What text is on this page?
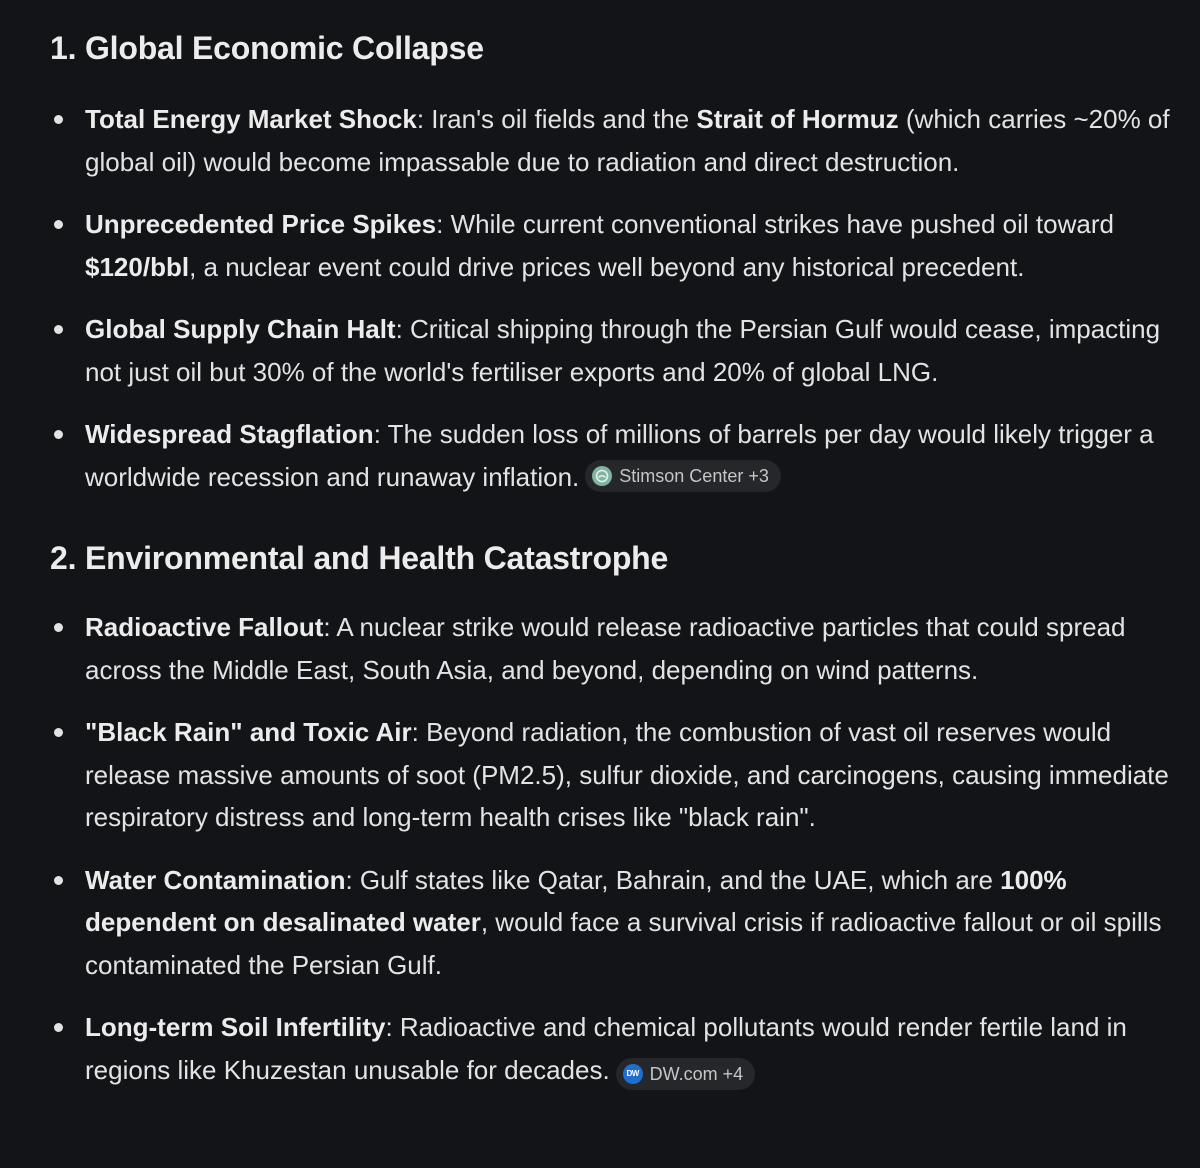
1. Global Economic Collapse
Total Energy Market Shock: Iran's oil fields and the Strait of Hormuz (which carries ~20% of global oil) would become impassable due to radiation and direct destruction.
Unprecedented Price Spikes: While current conventional strikes have pushed oil toward $120/bbl, a nuclear event could drive prices well beyond any historical precedent.
Global Supply Chain Halt: Critical shipping through the Persian Gulf would cease, impacting not just oil but 30% of the world's fertiliser exports and 20% of global LNG.
Widespread Stagflation: The sudden loss of millions of barrels per day would likely trigger a worldwide recession and runaway inflation. Stimson Center +3
2. Environmental and Health Catastrophe
Radioactive Fallout: A nuclear strike would release radioactive particles that could spread across the Middle East, South Asia, and beyond, depending on wind patterns.
"Black Rain" and Toxic Air: Beyond radiation, the combustion of vast oil reserves would release massive amounts of soot (PM2.5), sulfur dioxide, and carcinogens, causing immediate respiratory distress and long-term health crises like "black rain".
Water Contamination: Gulf states like Qatar, Bahrain, and the UAE, which are 100% dependent on desalinated water, would face a survival crisis if radioactive fallout or oil spills contaminated the Persian Gulf.
Long-term Soil Infertility: Radioactive and chemical pollutants would render fertile land in regions like Khuzestan unusable for decades.	DW DW.com +4
